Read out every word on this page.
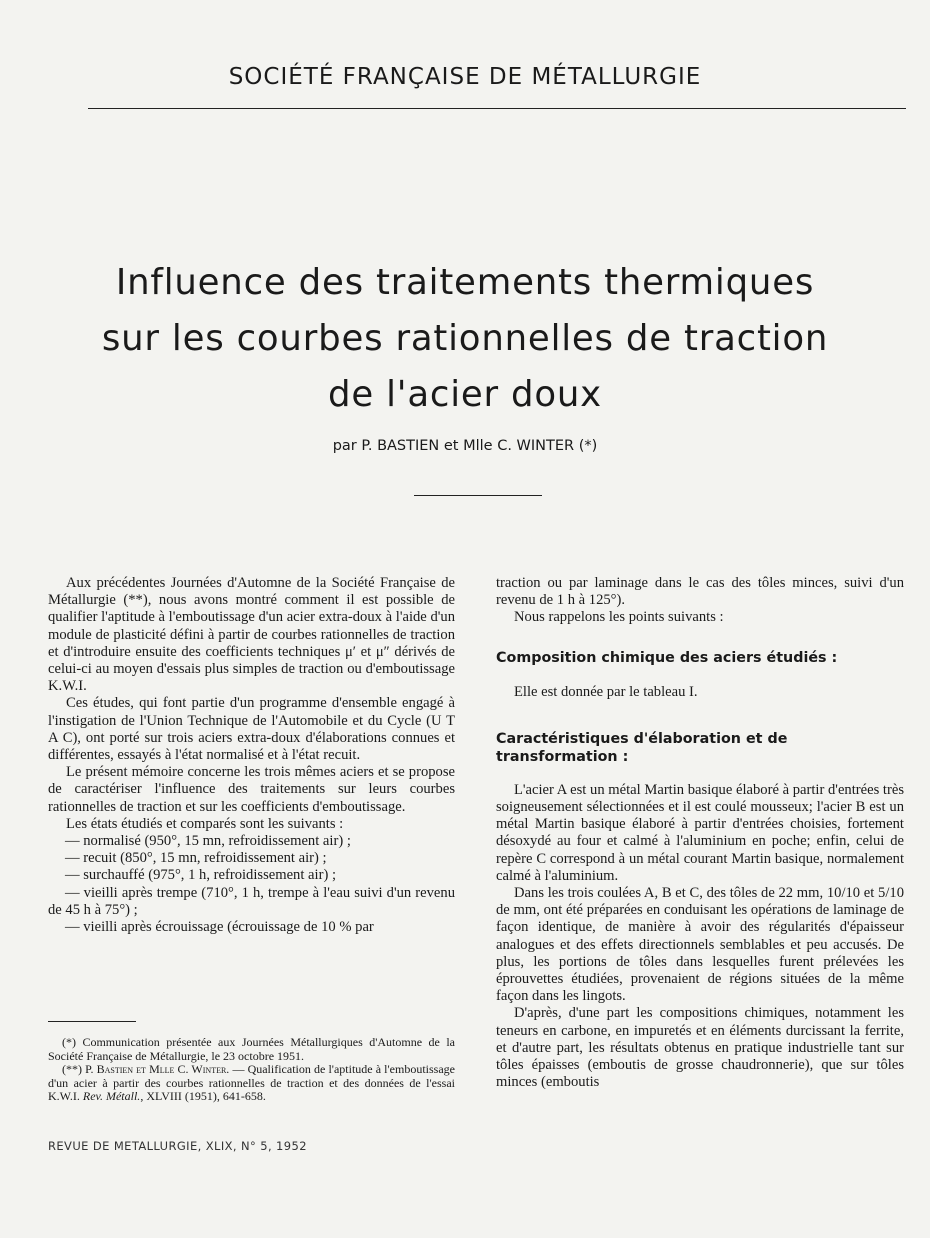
SOCIÉTÉ FRANÇAISE DE MÉTALLURGIE
Influence des traitements thermiques
sur les courbes rationnelles de traction
de l'acier doux
par P. BASTIEN et Mlle C. WINTER (*)

Aux précédentes Journées d'Automne de la Société Française de Métallurgie (**), nous avons montré comment il est possible de qualifier l'aptitude à l'emboutissage d'un acier extra-doux à l'aide d'un module de plasticité défini à partir de courbes rationnelles de traction et d'introduire ensuite des coefficients techniques μ′ et μ″ dérivés de celui-ci au moyen d'essais plus simples de traction ou d'emboutissage K.W.I.

Ces études, qui font partie d'un programme d'ensemble engagé à l'instigation de l'Union Technique de l'Automobile et du Cycle (U T A C), ont porté sur trois aciers extra-doux d'élaborations connues et différentes, essayés à l'état normalisé et à l'état recuit.

Le présent mémoire concerne les trois mêmes aciers et se propose de caractériser l'influence des traitements sur leurs courbes rationnelles de traction et sur les coefficients d'emboutissage.

Les états étudiés et comparés sont les suivants :

— normalisé (950°, 15 mn, refroidissement air) ;

— recuit (850°, 15 mn, refroidissement air) ;

— surchauffé (975°, 1 h, refroidissement air) ;

— vieilli après trempe (710°, 1 h, trempe à l'eau suivi d'un revenu de 45 h à 75°) ;

— vieilli après écrouissage (écrouissage de 10 % par

(*) Communication présentée aux Journées Métallurgiques d'Automne de la Société Française de Métallurgie, le 23 octobre 1951.

(**) P. Bastien et Mlle C. Winter. — Qualification de l'aptitude à l'emboutissage d'un acier à partir des courbes rationnelles de traction et des données de l'essai K.W.I. Rev. Métall., XLVIII (1951), 641-658.

REVUE DE METALLURGIE, XLIX, N° 5, 1952

traction ou par laminage dans le cas des tôles minces, suivi d'un revenu de 1 h à 125°).

Nous rappelons les points suivants :

Composition chimique des aciers étudiés :

Elle est donnée par le tableau I.

Caractéristiques d'élaboration et de transformation :

L'acier A est un métal Martin basique élaboré à partir d'entrées très soigneusement sélectionnées et il est coulé mousseux; l'acier B est un métal Martin basique élaboré à partir d'entrées choisies, fortement désoxydé au four et calmé à l'aluminium en poche; enfin, celui de repère C correspond à un métal courant Martin basique, normalement calmé à l'aluminium.

Dans les trois coulées A, B et C, des tôles de 22 mm, 10/10 et 5/10 de mm, ont été préparées en conduisant les opérations de laminage de façon identique, de manière à avoir des régularités d'épaisseur analogues et des effets directionnels semblables et peu accusés. De plus, les portions de tôles dans lesquelles furent prélevées les éprouvettes étudiées, provenaient de régions situées de la même façon dans les lingots.

D'après, d'une part les compositions chimiques, notamment les teneurs en carbone, en impuretés et en éléments durcissant la ferrite, et d'autre part, les résultats obtenus en pratique industrielle tant sur tôles épaisses (emboutis de grosse chaudronnerie), que sur tôles minces (emboutis
